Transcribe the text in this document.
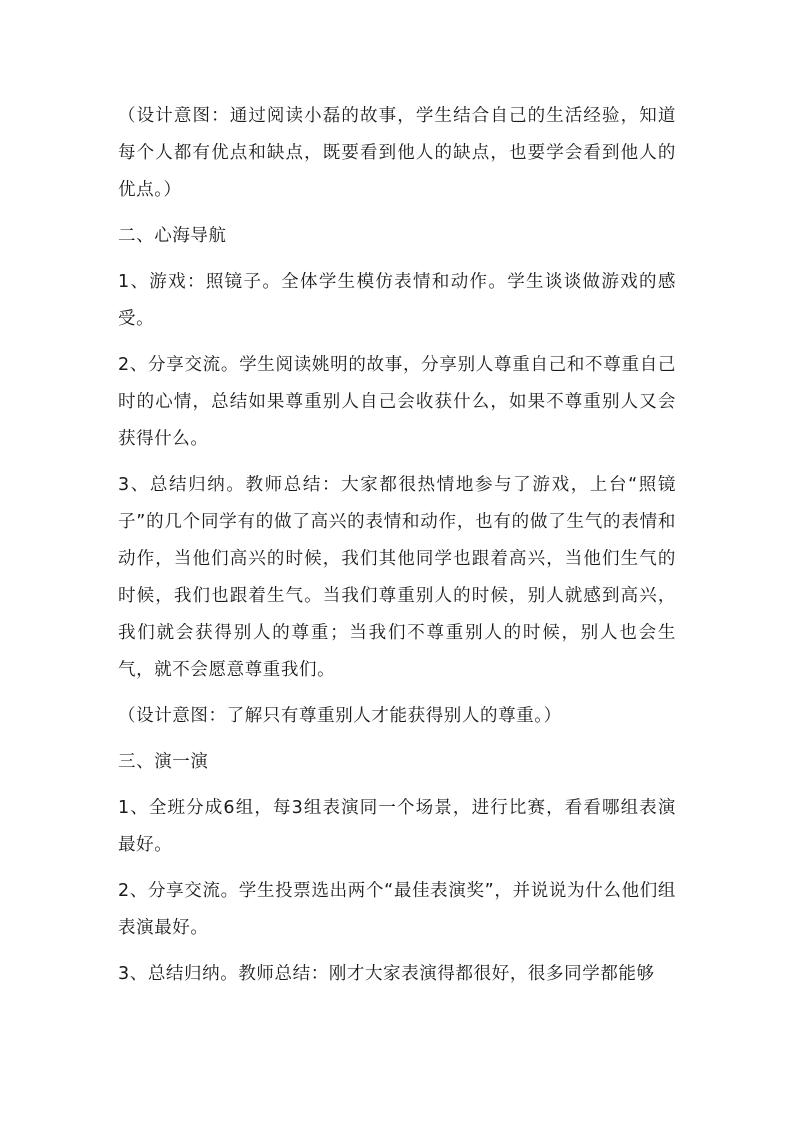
（设计意图：通过阅读小磊的故事，学生结合自己的生活经验，知道每个人都有优点和缺点，既要看到他人的缺点，也要学会看到他人的优点。）

二、心海导航

1、游戏：照镜子。全体学生模仿表情和动作。学生谈谈做游戏的感受。

2、分享交流。学生阅读姚明的故事，分享别人尊重自己和不尊重自己时的心情，总结如果尊重别人自己会收获什么，如果不尊重别人又会获得什么。

3、总结归纳。教师总结：大家都很热情地参与了游戏，上台“照镜子”的几个同学有的做了高兴的表情和动作，也有的做了生气的表情和动作，当他们高兴的时候，我们其他同学也跟着高兴，当他们生气的时候，我们也跟着生气。当我们尊重别人的时候，别人就感到高兴，我们就会获得别人的尊重；当我们不尊重别人的时候，别人也会生气，就不会愿意尊重我们。

（设计意图：了解只有尊重别人才能获得别人的尊重。）

三、演一演

1、全班分成6组，每3组表演同一个场景，进行比赛，看看哪组表演最好。

2、分享交流。学生投票选出两个“最佳表演奖”，并说说为什么他们组表演最好。

3、总结归纳。教师总结：刚才大家表演得都很好，很多同学都能够
